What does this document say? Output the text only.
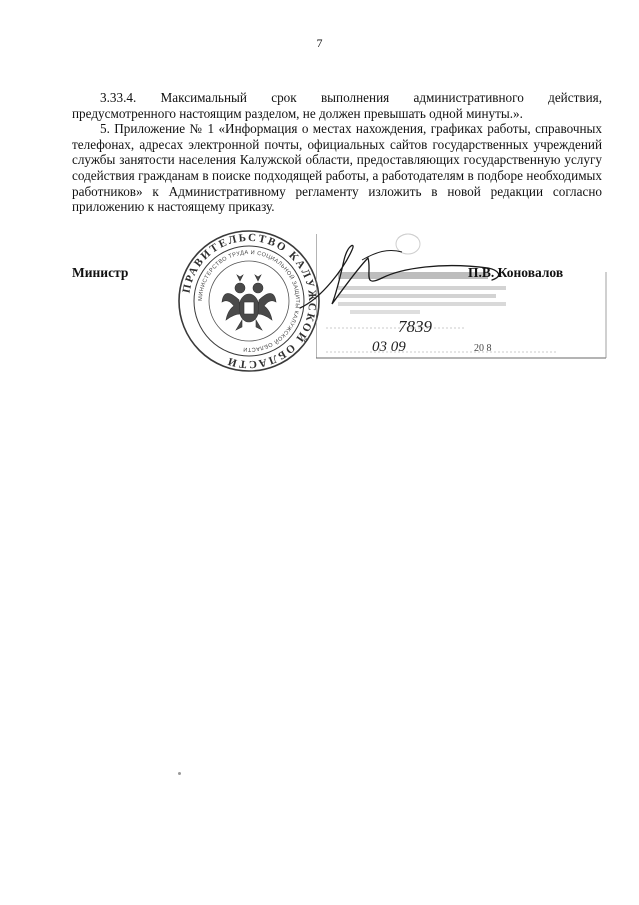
7

3.33.4. Максимальный срок выполнения административного действия, предусмотренного настоящим разделом, не должен превышать одной минуты.».

5. Приложение № 1 «Информация о местах нахождения, графиках работы, справочных телефонах, адресах электронной почты, официальных сайтов государственных учреждений службы занятости населения Калужской области, предоставляющих государственную услугу содействия гражданам в поиске подходящей работы, а работодателям в подборе необходимых работников» к Административному регламенту изложить в новой редакции согласно приложению к настоящему приказу.

ПРАВИТЕЛЬСТВО КАЛУЖСКОЙ ОБЛАСТИ
МИНИСТЕРСТВО ТРУДА И СОЦИАЛЬНОЙ ЗАЩИТЫ КАЛУЖСКОЙ ОБЛАСТИ
7839
03 09	20 8
Министр	П.В. Коновалов
